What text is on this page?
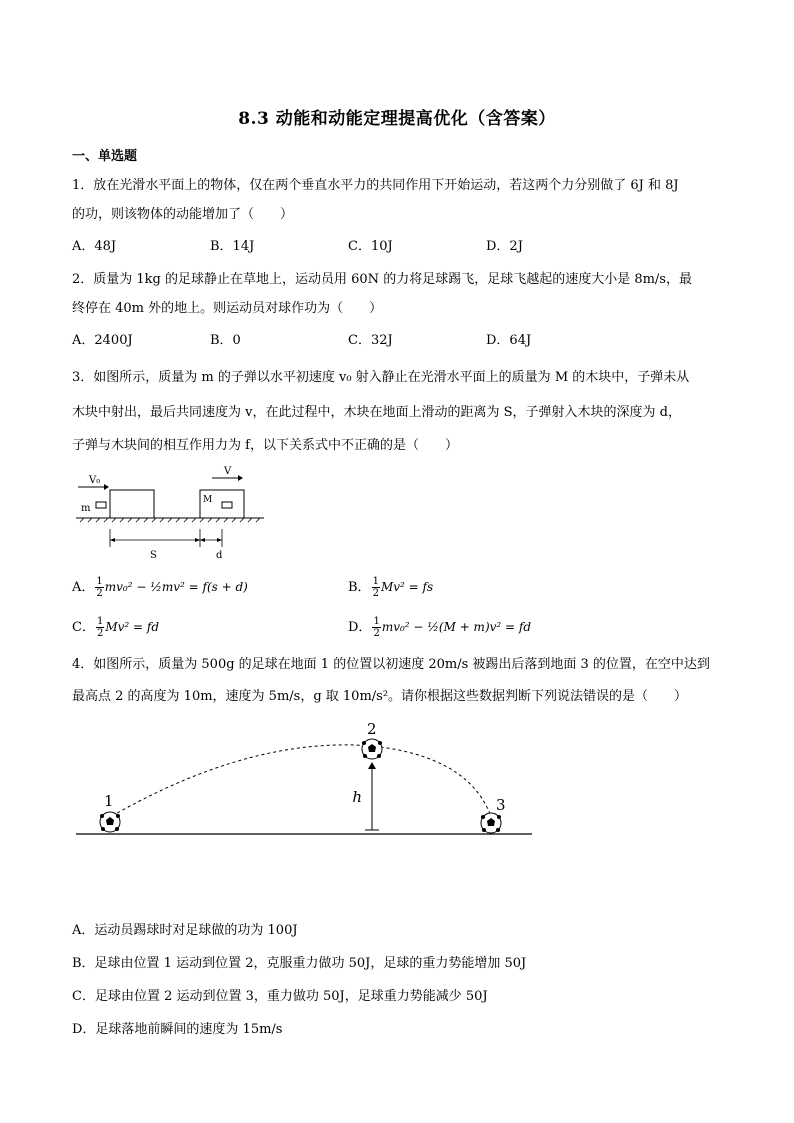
8.3 动能和动能定理提高优化（含答案）
一、单选题
1．放在光滑水平面上的物体，仅在两个垂直水平力的共同作用下开始运动，若这两个力分别做了 6J 和 8J
的功，则该物体的动能增加了（　　）
A．48J	B．14J	C．10J	D．2J
2．质量为 1kg 的足球静止在草地上，运动员用 60N 的力将足球踢飞，足球飞越起的速度大小是 8m/s，最
终停在 40m 外的地上。则运动员对球作功为（　　）
A．2400J	B．0	C．32J	D．64J
3．如图所示，质量为 m 的子弹以水平初速度 v₀ 射入静止在光滑水平面上的质量为 M 的木块中，子弹未从
木块中射出，最后共同速度为 v，在此过程中，木块在地面上滑动的距离为 S，子弹射入木块的深度为 d，
子弹与木块间的相互作用力为 f，以下关系式中不正确的是（　　）
V₀
m
V
M
S	d
A． $\frac{1}{2} mv_0^2$ − ½mv² = f(s + d)	B． $\frac{1}{2} Mv^2$ = fs
C． $\frac{1}{2} Mv^2$ = fd	D． $\frac{1}{2} mv_0^2$ − ½(M + m)v² = fd
4．如图所示，质量为 500g 的足球在地面 1 的位置以初速度 20m/s 被踢出后落到地面 3 的位置，在空中达到
最高点 2 的高度为 10m，速度为 5m/s，g 取 10m/s²。请你根据这些数据判断下列说法错误的是（　　）
1
2
h	3
A．运动员踢球时对足球做的功为 100J
B．足球由位置 1 运动到位置 2，克服重力做功 50J，足球的重力势能增加 50J
C．足球由位置 2 运动到位置 3，重力做功 50J，足球重力势能减少 50J
D．足球落地前瞬间的速度为 15m/s
